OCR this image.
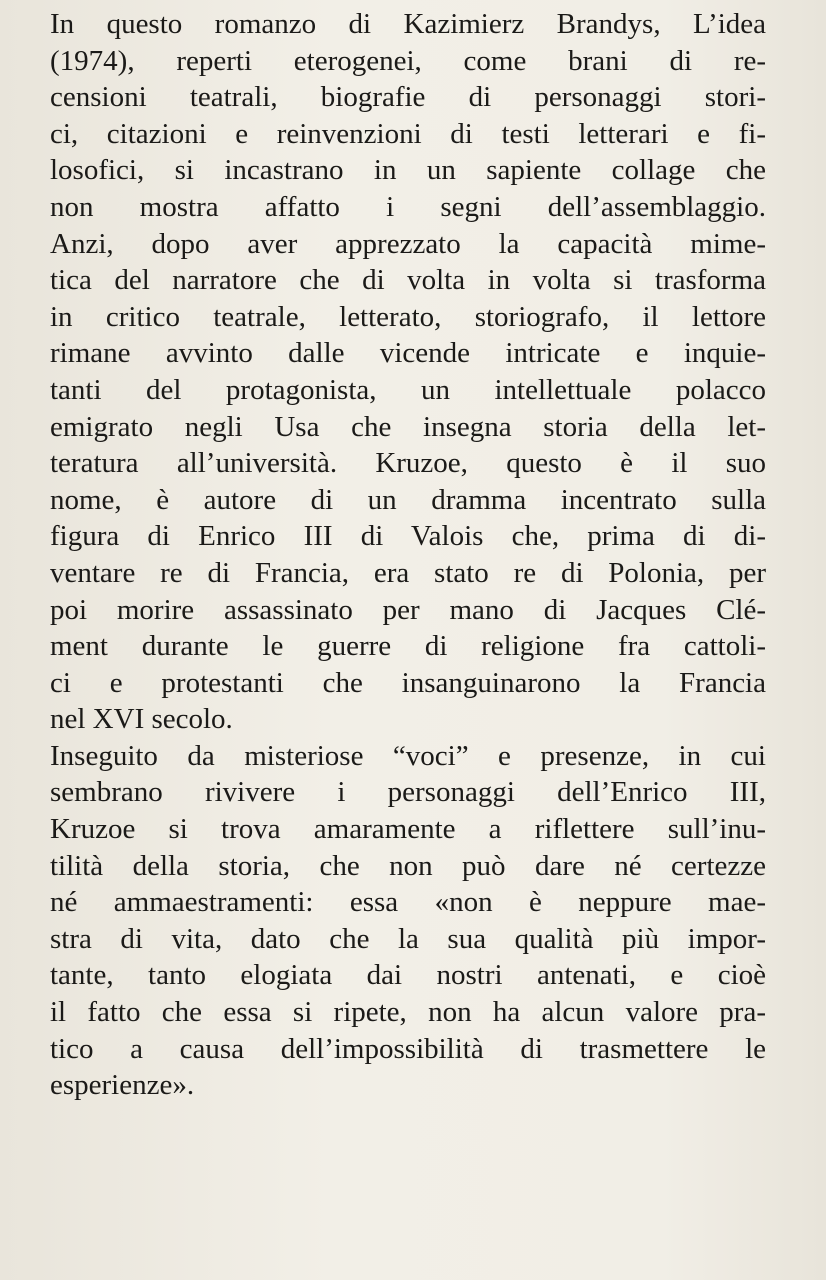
In questo romanzo di Kazimierz Brandys, L’idea
(1974), reperti eterogenei, come brani di re-
censioni teatrali, biografie di personaggi stori-
ci, citazioni e reinvenzioni di testi letterari e fi-
losofici, si incastrano in un sapiente collage che
non mostra affatto i segni dell’assemblaggio.
Anzi, dopo aver apprezzato la capacità mime-
tica del narratore che di volta in volta si trasforma
in critico teatrale, letterato, storiografo, il lettore
rimane avvinto dalle vicende intricate e inquie-
tanti del protagonista, un intellettuale polacco
emigrato negli Usa che insegna storia della let-
teratura all’università. Kruzoe, questo è il suo
nome, è autore di un dramma incentrato sulla
figura di Enrico III di Valois che, prima di di-
ventare re di Francia, era stato re di Polonia, per
poi morire assassinato per mano di Jacques Clé-
ment durante le guerre di religione fra cattoli-
ci e protestanti che insanguinarono la Francia
nel XVI secolo.
Inseguito da misteriose “voci” e presenze, in cui
sembrano rivivere i personaggi dell’Enrico III,
Kruzoe si trova amaramente a riflettere sull’inu-
tilità della storia, che non può dare né certezze
né ammaestramenti: essa «non è neppure mae-
stra di vita, dato che la sua qualità più impor-
tante, tanto elogiata dai nostri antenati, e cioè
il fatto che essa si ripete, non ha alcun valore pra-
tico a causa dell’impossibilità di trasmettere le
esperienze».
